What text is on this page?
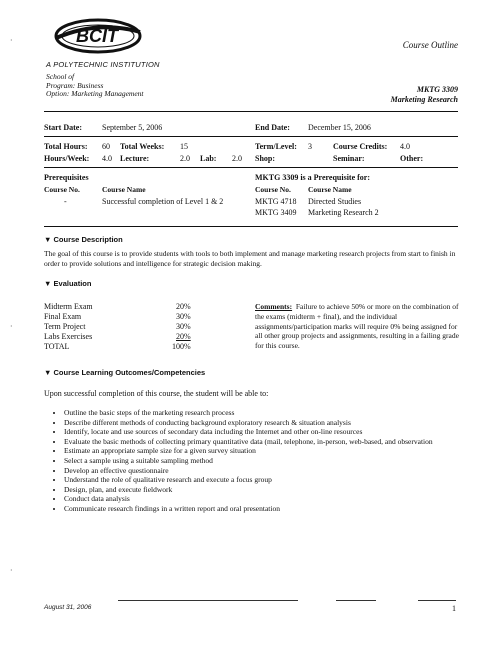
BCIT	Course Outline
A POLYTECHNIC INSTITUTION
School of
Program: Business
Option: Marketing Management	MKTG 3309
Marketing Research
Start Date:	September 5, 2006	End Date: December 15, 2006
Total Hours: 60 Total Weeks: 15	Term/Level: 3	Course Credits: 4.0
Hours/Week: 4.0 Lecture:	2.0 Lab: 2.0 Shop:	Seminar:	Other:
Prerequisites
Course No.	Course Name
-	Successful completion of Level 1 & 2
MKTG 3309 is a Prerequisite for:
Course No. Course Name
MKTG 4718 Directed Studies
MKTG 3409 Marketing Research 2
▼ Course Description
The goal of this course is to provide students with tools to both implement and manage marketing research projects from start to finish in order to provide solutions and intelligence for strategic decision making.
▼ Evaluation
Midterm Exam	20%
Final Exam	30%
Term Project	30%
Labs Exercises	20%
TOTAL	100%
Comments: Failure to achieve 50% or more on the combination of the exams (midterm + final), and the individual assignments/participation marks will require 0% being assigned for all other group projects and assignments, resulting in a failing grade for this course.
▼ Course Learning Outcomes/Competencies
Upon successful completion of this course, the student will be able to:
• Outline the basic steps of the marketing research process
• Describe different methods of conducting background exploratory research & situation analysis
• Identify, locate and use sources of secondary data including the Internet and other on-line resources
• Evaluate the basic methods of collecting primary quantitative data (mail, telephone, in-person, web-based, and observation
• Estimate an appropriate sample size for a given survey situation
• Select a sample using a suitable sampling method
• Develop an effective questionnaire
• Understand the role of qualitative research and execute a focus group
• Design, plan, and execute fieldwork
• Conduct data analysis
• Communicate research findings in a written report and oral presentation
August 31, 2006	1
⋅
⋅
⋅
